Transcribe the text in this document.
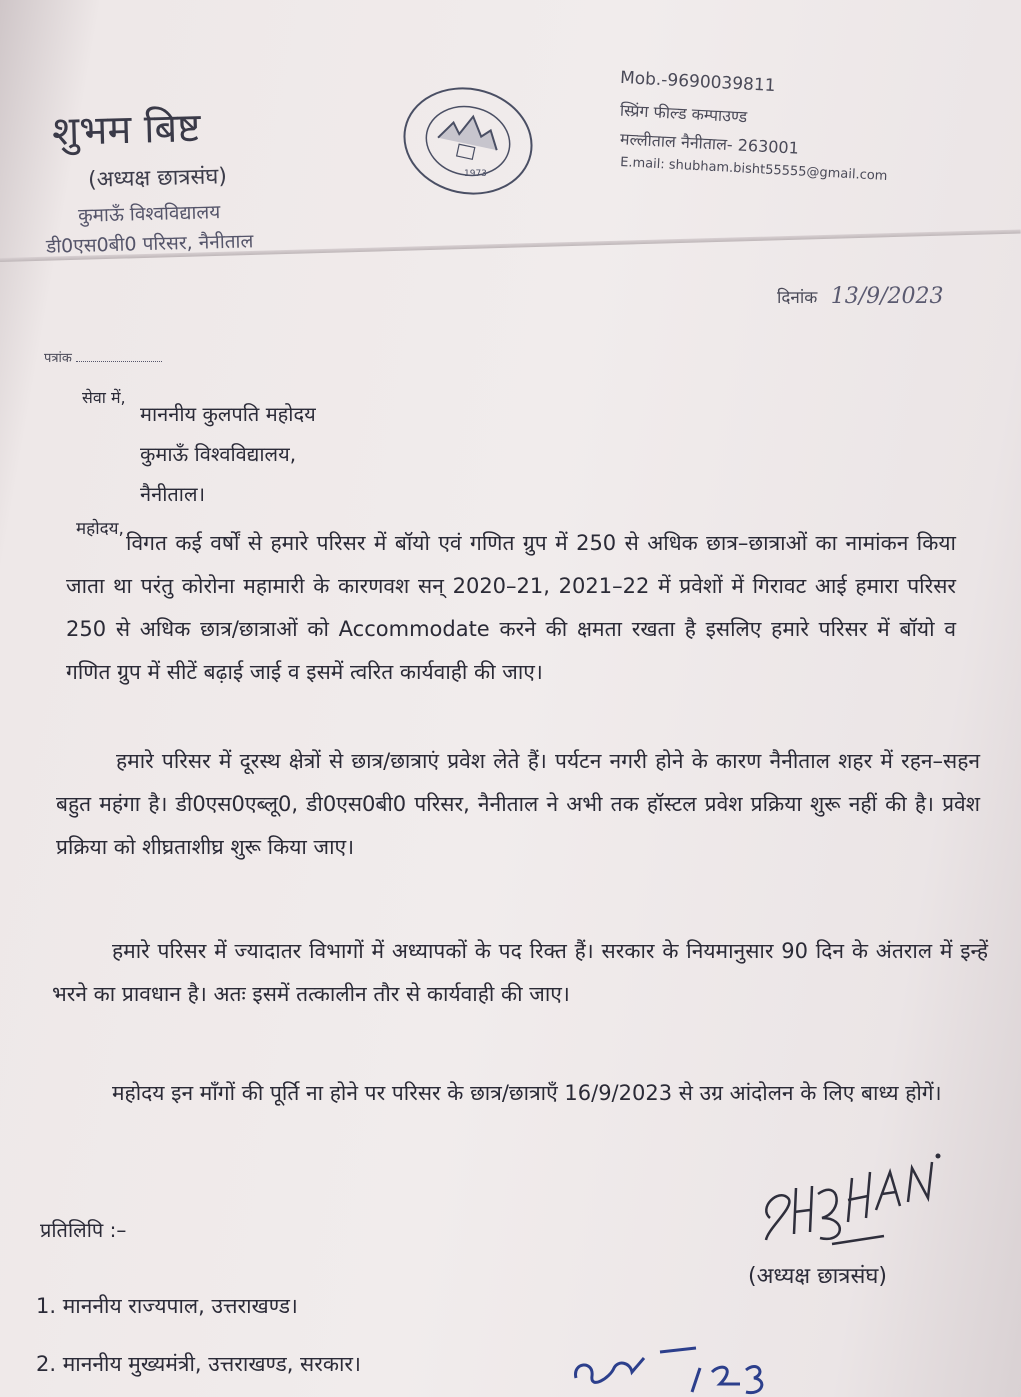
शुभम बिष्ट
(अध्यक्ष छात्रसंघ)
कुमाऊँ विश्वविद्यालय
डी0एस0बी0 परिसर, नैनीताल
1973
Mob.-9690039811
स्प्रिंग फील्ड कम्पाउण्ड
मल्लीताल नैनीताल- 263001
E.mail: shubham.bisht55555@gmail.com
दिनांक 13/9/2023
पत्रांक
सेवा में,
माननीय कुलपति महोदय
कुमाऊँ विश्वविद्यालय,
नैनीताल।
महोदय,
विगत कई वर्षों से हमारे परिसर में बॉयो एवं गणित ग्रुप में 250 से अधिक छात्र–छात्राओं का नामांकन किया जाता था परंतु कोरोना महामारी के कारणवश सन् 2020–21, 2021–22 में प्रवेशों में गिरावट आई हमारा परिसर 250 से अधिक छात्र/छात्राओं को Accommodate करने की क्षमता रखता है इसलिए हमारे परिसर में बॉयो व गणित ग्रुप में सीटें बढ़ाई जाई व इसमें त्वरित कार्यवाही की जाए।
हमारे परिसर में दूरस्थ क्षेत्रों से छात्र/छात्राएं प्रवेश लेते हैं। पर्यटन नगरी होने के कारण नैनीताल शहर में रहन–सहन बहुत महंगा है। डी0एस0एब्लू0, डी0एस0बी0 परिसर, नैनीताल ने अभी तक हॉस्टल प्रवेश प्रक्रिया शुरू नहीं की है। प्रवेश प्रक्रिया को शीघ्रताशीघ्र शुरू किया जाए।
हमारे परिसर में ज्यादातर विभागों में अध्यापकों के पद रिक्त हैं। सरकार के नियमानुसार 90 दिन के अंतराल में इन्हें भरने का प्रावधान है। अतः इसमें तत्कालीन तौर से कार्यवाही की जाए।
महोदय इन माँगों की पूर्ति ना होने पर परिसर के छात्र/छात्राएँ 16/9/2023 से उग्र आंदोलन के लिए बाध्य होगें।
(अध्यक्ष छात्रसंघ)
प्रतिलिपि :–
1. माननीय राज्यपाल, उत्तराखण्ड।
2. माननीय मुख्यमंत्री, उत्तराखण्ड, सरकार।
